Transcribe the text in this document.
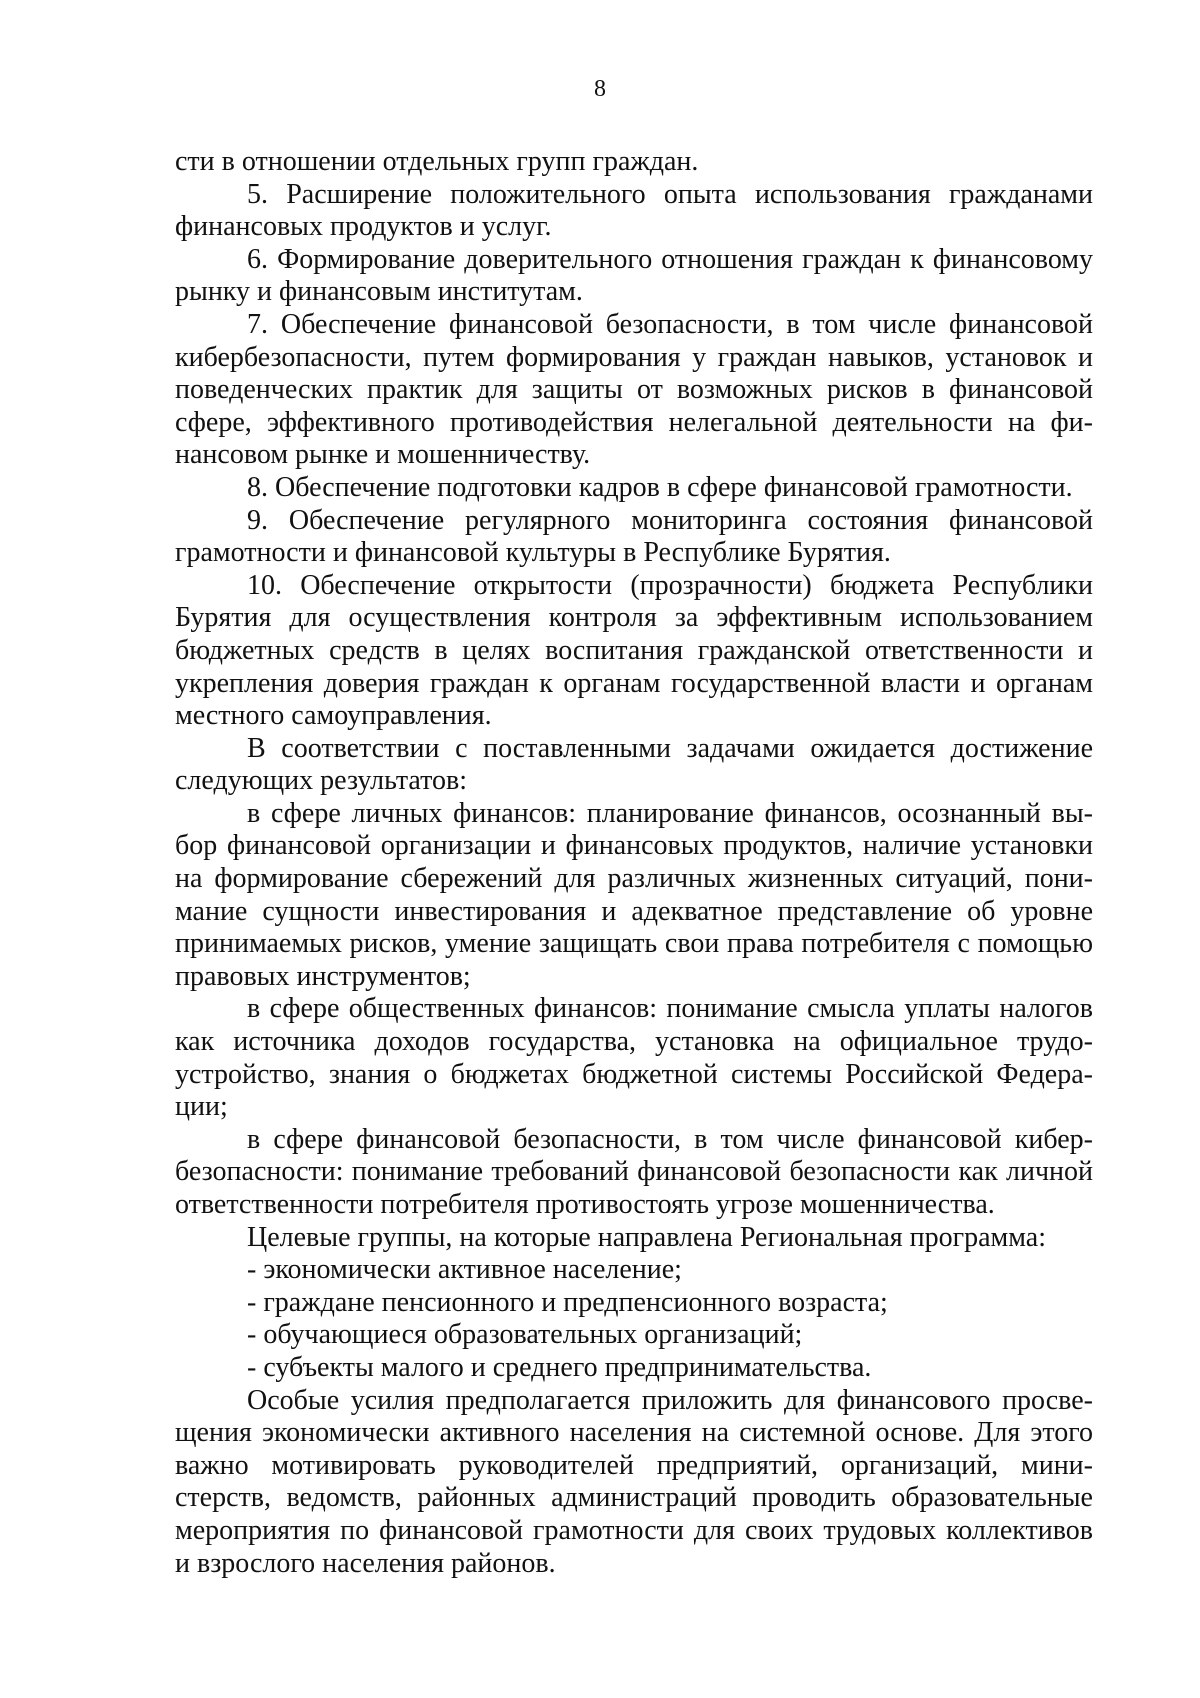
8

сти в отношении отдельных групп граждан.

5. Расширение положительного опыта использования гражданами финансовых продуктов и услуг.

6. Формирование доверительного отношения граждан к финансовому рынку и финансовым институтам.

7. Обеспечение финансовой безопасности, в том числе финансовой кибербезопасности, путем формирования у граждан навыков, установок и поведенческих практик для защиты от возможных рисков в финансовой сфере, эффективного противодействия нелегальной деятельности на финансовом рынке и мошенничеству.

8. Обеспечение подготовки кадров в сфере финансовой грамотности.

9. Обеспечение регулярного мониторинга состояния финансовой грамотности и финансовой культуры в Республике Бурятия.

10. Обеспечение открытости (прозрачности) бюджета Республики Бурятия для осуществления контроля за эффективным использованием бюджетных средств в целях воспитания гражданской ответственности и укрепления доверия граждан к органам государственной власти и органам местного самоуправления.

В соответствии с поставленными задачами ожидается достижение следующих результатов:

в сфере личных финансов: планирование финансов, осознанный выбор финансовой организации и финансовых продуктов, наличие установки на формирование сбережений для различных жизненных ситуаций, понимание сущности инвестирования и адекватное представление об уровне принимаемых рисков, умение защищать свои права потребителя с помощью правовых инструментов;

в сфере общественных финансов: понимание смысла уплаты налогов как источника доходов государства, установка на официальное трудоустройство, знания о бюджетах бюджетной системы Российской Федерации;

в сфере финансовой безопасности, в том числе финансовой кибербезопасности: понимание требований финансовой безопасности как личной ответственности потребителя противостоять угрозе мошенничества.

Целевые группы, на которые направлена Региональная программа:

- экономически активное население;

- граждане пенсионного и предпенсионного возраста;

- обучающиеся образовательных организаций;

- субъекты малого и среднего предпринимательства.

Особые усилия предполагается приложить для финансового просвещения экономически активного населения на системной основе. Для этого важно мотивировать руководителей предприятий, организаций, министерств, ведомств, районных администраций проводить образовательные мероприятия по финансовой грамотности для своих трудовых коллективов и взрослого населения районов.
